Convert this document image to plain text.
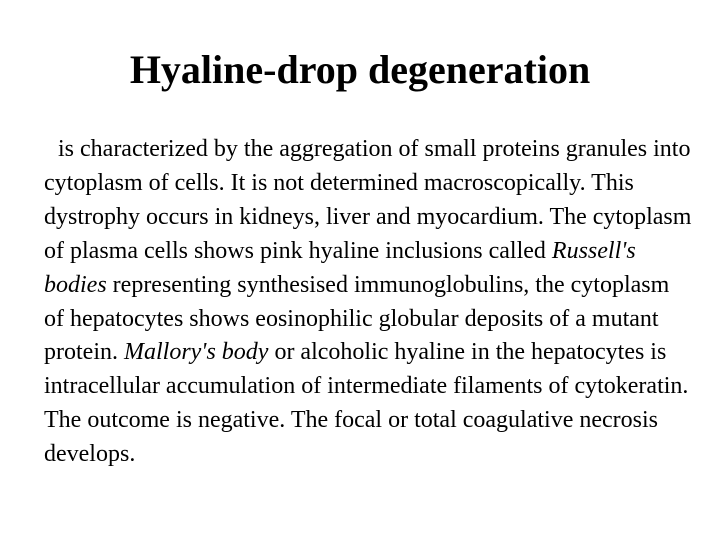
Hyaline-drop degeneration

is characterized by the aggregation of small proteins granules into cytoplasm of cells. It is not determined macroscopically. This dystrophy occurs in kidneys, liver and myocardium. The cytoplasm of plasma cells shows pink hyaline inclusions called Russell's bodies representing synthesised immunoglobulins, the cytoplasm of hepatocytes shows eosinophilic globular deposits of a mutant protein. Mallory's body or alcoholic hyaline in the hepatocytes is intracellular accumulation of intermediate filaments of cytokeratin. The outcome is negative. The focal or total coagulative necrosis develops.
